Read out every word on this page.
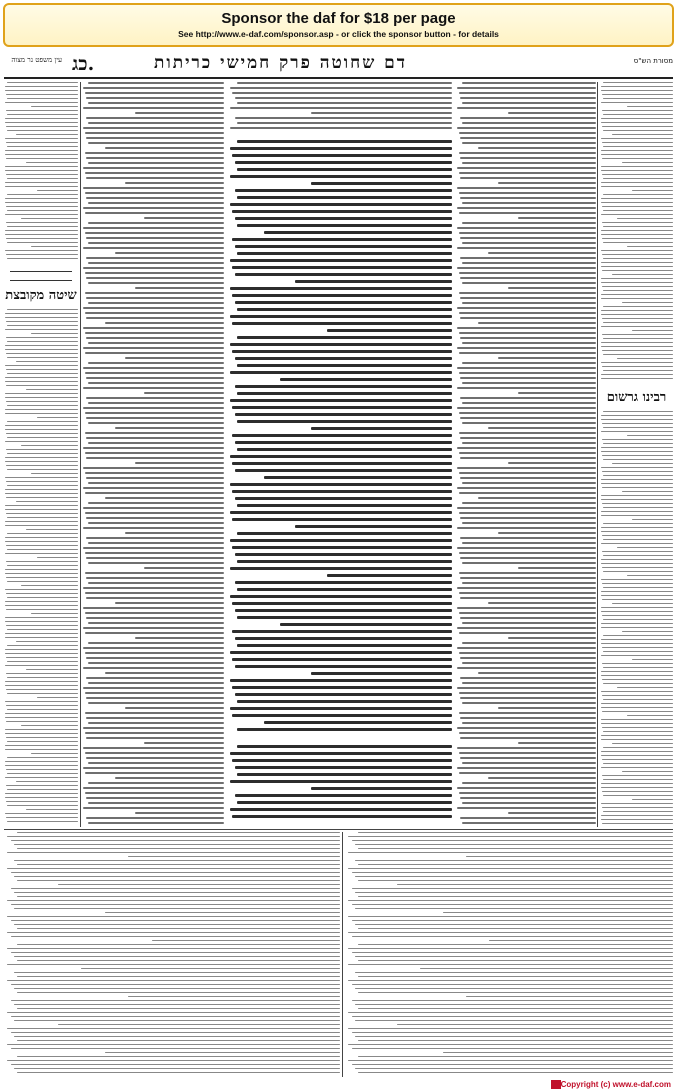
Sponsor the daf for $18 per page
See http://www.e-daf.com/sponsor.asp - or click the sponsor button - for details
מסורת הש"ס
דם שחוטה פרק חמישי כריתות
כג.
עין משפט נר מצוה
רבינו גרשום
שיטה מקובצת
Copyright (c) www.e-daf.com
